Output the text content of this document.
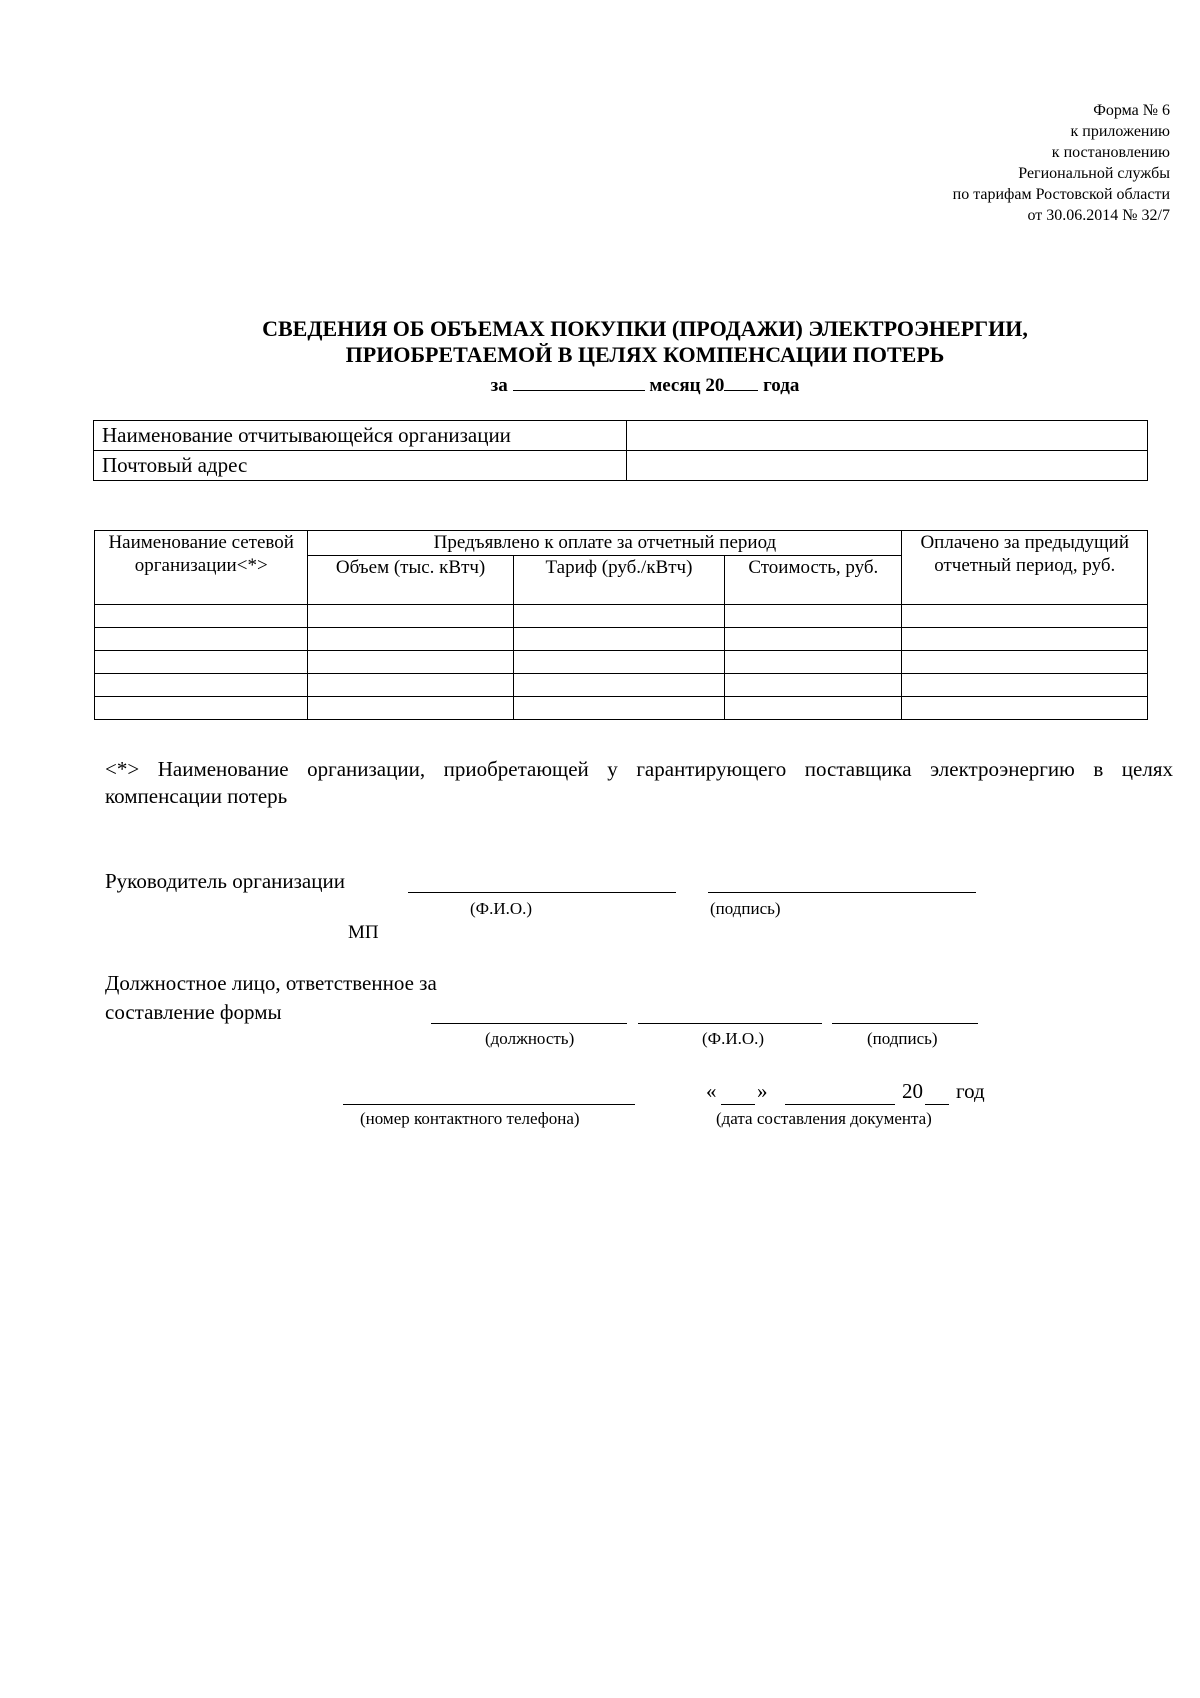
Форма № 6
к приложению
к постановлению
Региональной службы
по тарифам Ростовской области
от 30.06.2014 № 32/7
СВЕДЕНИЯ ОБ ОБЪЕМАХ ПОКУПКИ (ПРОДАЖИ) ЭЛЕКТРОЭНЕРГИИ,
ПРИОБРЕТАЕМОЙ В ЦЕЛЯХ КОМПЕНСАЦИИ ПОТЕРЬ
за	месяц 20 года
Наименование отчитывающейся организации	
Почтовый адрес	
Наименование сетевой организации<*>	Предъявлено к оплате за отчетный период			Оплачено за предыдущий отчетный период, руб.
	Объем (тыс. кВтч)	Тариф (руб./кВтч)	Стоимость, руб.	

<*> Наименование организации, приобретающей у гарантирующего поставщика электроэнергию в целях компенсации потерь
Руководитель организации
(Ф.И.О.)	(подпись)
МП
Должностное лицо, ответственное за
составление формы
(должность)	(Ф.И.О.)	(подпись)
(номер контактного телефона)
« »	20 год
(дата составления документа)
